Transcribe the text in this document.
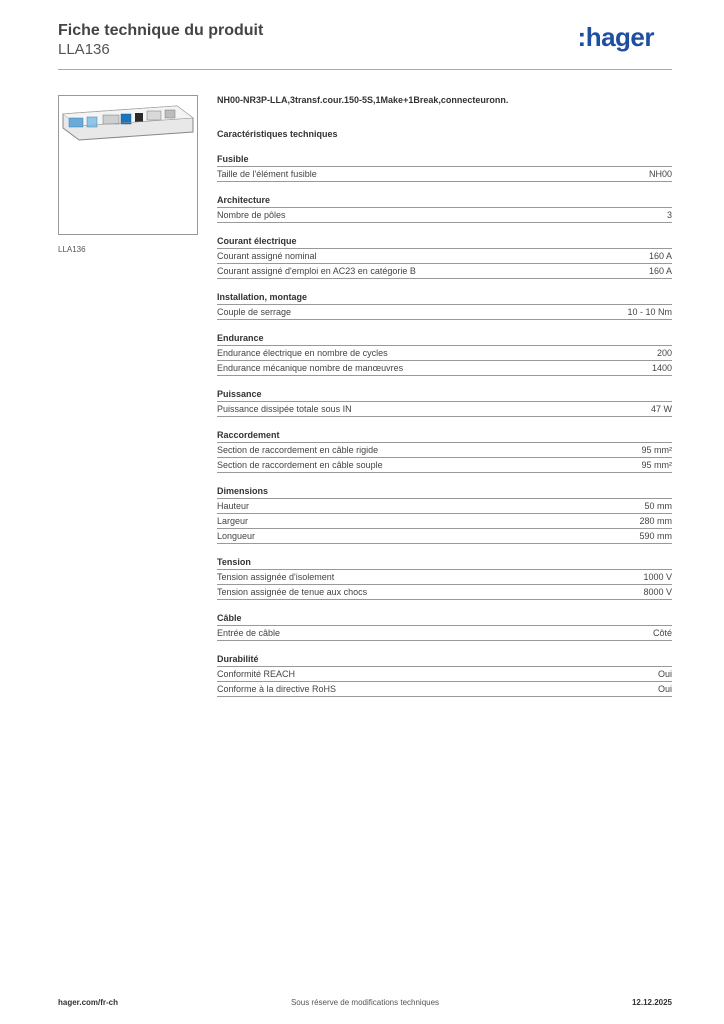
Fiche technique du produit
LLA136	:hager
LLA136
NH00-NR3P-LLA,3transf.cour.150-5S,1Make+1Break,connecteuronn.
Caractéristiques techniques
Fusible
Taille de l'élément fusible	NH00
Architecture
Nombre de pôles	3
Courant électrique
Courant assigné nominal	160 A
Courant assigné d'emploi en AC23 en catégorie B	160 A
Installation, montage
Couple de serrage	10 - 10 Nm
Endurance
Endurance électrique en nombre de cycles	200
Endurance mécanique nombre de manœuvres	1400
Puissance
Puissance dissipée totale sous IN	47 W
Raccordement
Section de raccordement en câble rigide	95 mm²
Section de raccordement en câble souple	95 mm²
Dimensions
Hauteur	50 mm
Largeur	280 mm
Longueur	590 mm
Tension
Tension assignée d'isolement	1000 V
Tension assignée de tenue aux chocs	8000 V
Câble
Entrée de câble	Côté
Durabilité
Conformité REACH	Oui
Conforme à la directive RoHS	Oui
hager.com/fr-ch	Sous réserve de modifications techniques	12.12.2025
